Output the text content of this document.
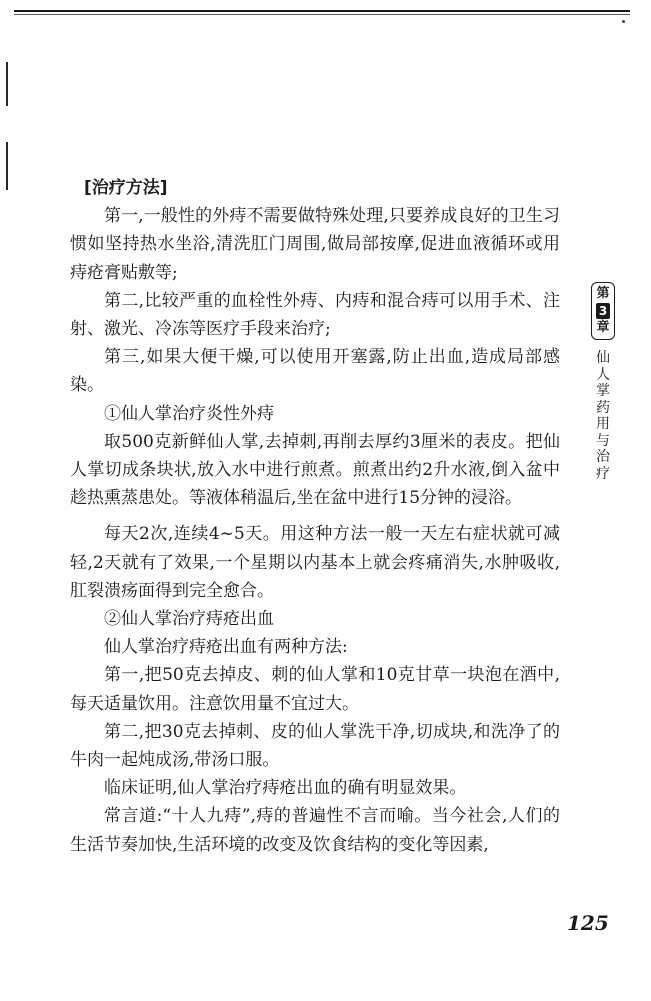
[治疗方法]

第一,一般性的外痔不需要做特殊处理,只要养成良好的卫生习惯如坚持热水坐浴,清洗肛门周围,做局部按摩,促进血液循环或用痔疮膏贴敷等;

第二,比较严重的血栓性外痔、内痔和混合痔可以用手术、注射、激光、冷冻等医疗手段来治疗;

第三,如果大便干燥,可以使用开塞露,防止出血,造成局部感染。

①仙人掌治疗炎性外痔

取500克新鲜仙人掌,去掉刺,再削去厚约3厘米的表皮。把仙人掌切成条块状,放入水中进行煎煮。煎煮出约2升水液,倒入盆中趁热熏蒸患处。等液体稍温后,坐在盆中进行15分钟的浸浴。

每天2次,连续4~5天。用这种方法一般一天左右症状就可减轻,2天就有了效果,一个星期以内基本上就会疼痛消失,水肿吸收,肛裂溃疡面得到完全愈合。

②仙人掌治疗痔疮出血

仙人掌治疗痔疮出血有两种方法:

第一,把50克去掉皮、刺的仙人掌和10克甘草一块泡在酒中,每天适量饮用。注意饮用量不宜过大。

第二,把30克去掉刺、皮的仙人掌洗干净,切成块,和洗净了的牛肉一起炖成汤,带汤口服。

临床证明,仙人掌治疗痔疮出血的确有明显效果。

常言道:“十人九痔”,痔的普遍性不言而喻。当今社会,人们的生活节奏加快,生活环境的改变及饮食结构的变化等因素,

第
3
章
仙人掌药用与治疗
125
